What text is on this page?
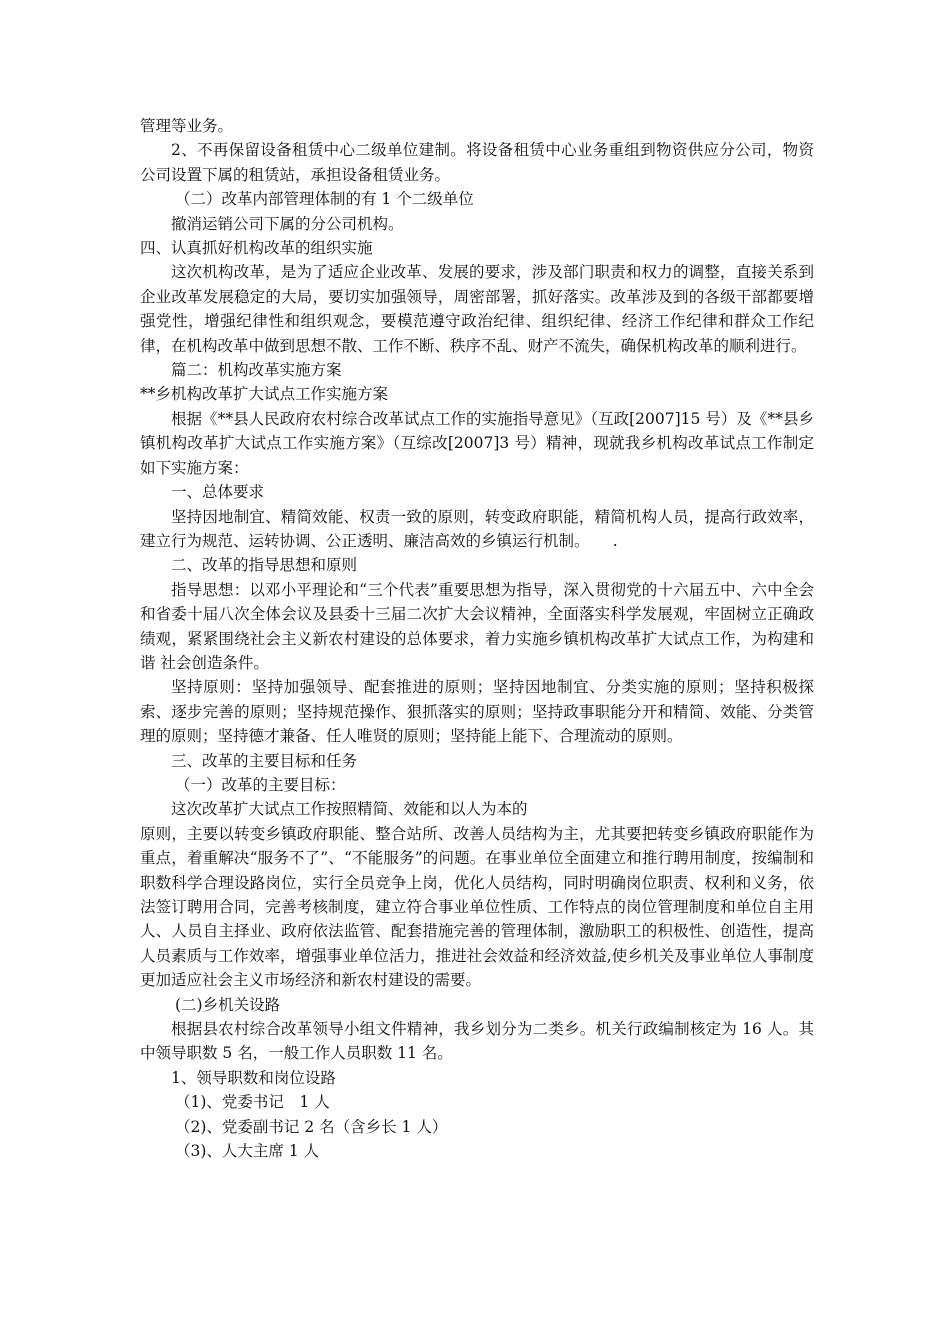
管理等业务。

2、不再保留设备租赁中心二级单位建制。将设备租赁中心业务重组到物资供应分公司，物资公司设置下属的租赁站，承担设备租赁业务。

（二）改革内部管理体制的有 1 个二级单位

撤消运销公司下属的分公司机构。

四、认真抓好机构改革的组织实施

这次机构改革，是为了适应企业改革、发展的要求，涉及部门职责和权力的调整，直接关系到企业改革发展稳定的大局，要切实加强领导，周密部署，抓好落实。改革涉及到的各级干部都要增强党性，增强纪律性和组织观念，要模范遵守政治纪律、组织纪律、经济工作纪律和群众工作纪律，在机构改革中做到思想不散、工作不断、秩序不乱、财产不流失，确保机构改革的顺利进行。

篇二：机构改革实施方案

**乡机构改革扩大试点工作实施方案

根据《**县人民政府农村综合改革试点工作的实施指导意见》（互政[2007]15 号）及《**县乡镇机构改革扩大试点工作实施方案》（互综改[2007]3 号）精神，现就我乡机构改革试点工作制定如下实施方案：

一、总体要求

坚持因地制宜、精简效能、权责一致的原则，转变政府职能，精简机构人员，提高行政效率，建立行为规范、运转协调、公正透明、廉洁高效的乡镇运行机制。　　.

二、改革的指导思想和原则

指导思想：以邓小平理论和“三个代表”重要思想为指导，深入贯彻党的十六届五中、六中全会和省委十届八次全体会议及县委十三届二次扩大会议精神，全面落实科学发展观，牢固树立正确政绩观，紧紧围绕社会主义新农村建设的总体要求，着力实施乡镇机构改革扩大试点工作，为构建和谐 社会创造条件。

坚持原则：坚持加强领导、配套推进的原则；坚持因地制宜、分类实施的原则；坚持积极探索、逐步完善的原则；坚持规范操作、狠抓落实的原则；坚持政事职能分开和精简、效能、分类管理的原则；坚持德才兼备、任人唯贤的原则；坚持能上能下、合理流动的原则。

三、改革的主要目标和任务

（一）改革的主要目标：

这次改革扩大试点工作按照精简、效能和以人为本的

原则，主要以转变乡镇政府职能、整合站所、改善人员结构为主，尤其要把转变乡镇政府职能作为重点，着重解决“服务不了”、“不能服务”的问题。在事业单位全面建立和推行聘用制度，按编制和职数科学合理设路岗位，实行全员竞争上岗，优化人员结构，同时明确岗位职责、权利和义务，依法签订聘用合同，完善考核制度，建立符合事业单位性质、工作特点的岗位管理制度和单位自主用人、人员自主择业、政府依法监管、配套措施完善的管理体制，激励职工的积极性、创造性，提高人员素质与工作效率，增强事业单位活力，推进社会效益和经济效益,使乡机关及事业单位人事制度更加适应社会主义市场经济和新农村建设的需要。

(二)乡机关设路

根据县农村综合改革领导小组文件精神，我乡划分为二类乡。机关行政编制核定为 16 人。其中领导职数 5 名，一般工作人员职数 11 名。

1、领导职数和岗位设路

（1)、党委书记　1 人

（2)、党委副书记 2 名（含乡长 1 人）

（3)、人大主席 1 人
